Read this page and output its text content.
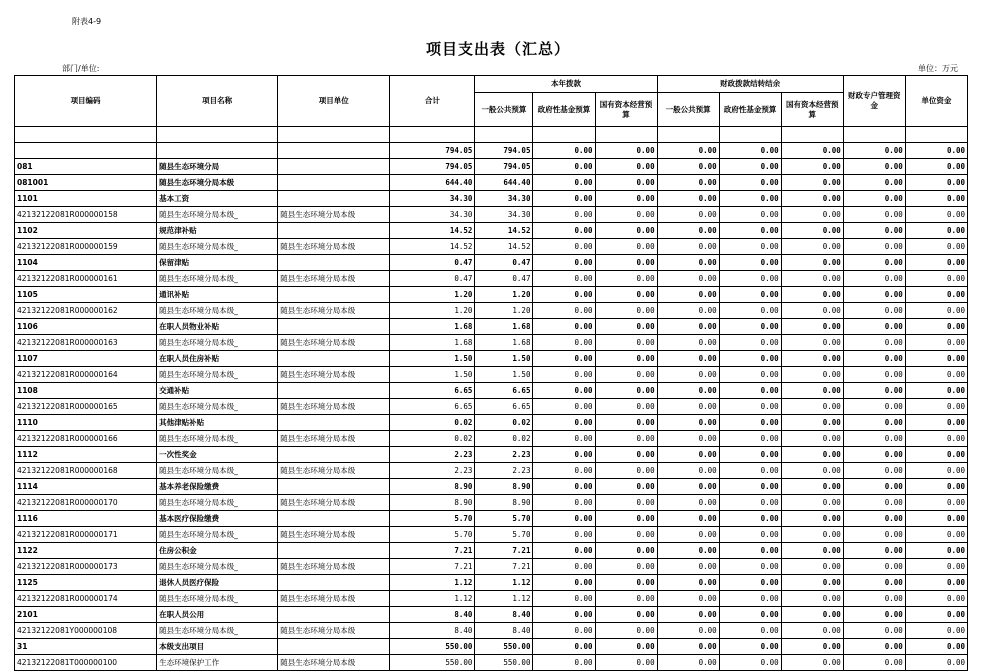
附表4-9
项目支出表（汇总）
部门/单位:	单位：万元
项目编码	项目名称	项目单位	合计	本年拨款			财政拨款结转结余			财政专户管理资金	单位资金
				一般公共预算	政府性基金预算	国有资本经营预算	一般公共预算	政府性基金预算	国有资本经营预算		

			794.05	794.05	0.00	0.00	0.00	0.00	0.00	0.00	0.00
081	随县生态环境分局		794.05	794.05	0.00	0.00	0.00	0.00	0.00	0.00	0.00
081001	随县生态环境分局本级		644.40	644.40	0.00	0.00	0.00	0.00	0.00	0.00	0.00
1101	基本工资		34.30	34.30	0.00	0.00	0.00	0.00	0.00	0.00	0.00
42132122081R000000158	随县生态环境分局本级_	随县生态环境分局本级	34.30	34.30	0.00	0.00	0.00	0.00	0.00	0.00	0.00
1102	规范津补贴		14.52	14.52	0.00	0.00	0.00	0.00	0.00	0.00	0.00
42132122081R000000159	随县生态环境分局本级_	随县生态环境分局本级	14.52	14.52	0.00	0.00	0.00	0.00	0.00	0.00	0.00
1104	保留津贴		0.47	0.47	0.00	0.00	0.00	0.00	0.00	0.00	0.00
42132122081R000000161	随县生态环境分局本级_	随县生态环境分局本级	0.47	0.47	0.00	0.00	0.00	0.00	0.00	0.00	0.00
1105	通讯补贴		1.20	1.20	0.00	0.00	0.00	0.00	0.00	0.00	0.00
42132122081R000000162	随县生态环境分局本级_	随县生态环境分局本级	1.20	1.20	0.00	0.00	0.00	0.00	0.00	0.00	0.00
1106	在职人员物业补贴		1.68	1.68	0.00	0.00	0.00	0.00	0.00	0.00	0.00
42132122081R000000163	随县生态环境分局本级_	随县生态环境分局本级	1.68	1.68	0.00	0.00	0.00	0.00	0.00	0.00	0.00
1107	在职人员住房补贴		1.50	1.50	0.00	0.00	0.00	0.00	0.00	0.00	0.00
42132122081R000000164	随县生态环境分局本级_	随县生态环境分局本级	1.50	1.50	0.00	0.00	0.00	0.00	0.00	0.00	0.00
1108	交通补贴		6.65	6.65	0.00	0.00	0.00	0.00	0.00	0.00	0.00
42132122081R000000165	随县生态环境分局本级_	随县生态环境分局本级	6.65	6.65	0.00	0.00	0.00	0.00	0.00	0.00	0.00
1110	其他津贴补贴		0.02	0.02	0.00	0.00	0.00	0.00	0.00	0.00	0.00
42132122081R000000166	随县生态环境分局本级_	随县生态环境分局本级	0.02	0.02	0.00	0.00	0.00	0.00	0.00	0.00	0.00
1112	一次性奖金		2.23	2.23	0.00	0.00	0.00	0.00	0.00	0.00	0.00
42132122081R000000168	随县生态环境分局本级_	随县生态环境分局本级	2.23	2.23	0.00	0.00	0.00	0.00	0.00	0.00	0.00
1114	基本养老保险缴费		8.90	8.90	0.00	0.00	0.00	0.00	0.00	0.00	0.00
42132122081R000000170	随县生态环境分局本级_	随县生态环境分局本级	8.90	8.90	0.00	0.00	0.00	0.00	0.00	0.00	0.00
1116	基本医疗保险缴费		5.70	5.70	0.00	0.00	0.00	0.00	0.00	0.00	0.00
42132122081R000000171	随县生态环境分局本级_	随县生态环境分局本级	5.70	5.70	0.00	0.00	0.00	0.00	0.00	0.00	0.00
1122	住房公积金		7.21	7.21	0.00	0.00	0.00	0.00	0.00	0.00	0.00
42132122081R000000173	随县生态环境分局本级_	随县生态环境分局本级	7.21	7.21	0.00	0.00	0.00	0.00	0.00	0.00	0.00
1125	退休人员医疗保险		1.12	1.12	0.00	0.00	0.00	0.00	0.00	0.00	0.00
42132122081R000000174	随县生态环境分局本级_	随县生态环境分局本级	1.12	1.12	0.00	0.00	0.00	0.00	0.00	0.00	0.00
2101	在职人员公用		8.40	8.40	0.00	0.00	0.00	0.00	0.00	0.00	0.00
42132122081Y000000108	随县生态环境分局本级_	随县生态环境分局本级	8.40	8.40	0.00	0.00	0.00	0.00	0.00	0.00	0.00
31	本级支出项目		550.00	550.00	0.00	0.00	0.00	0.00	0.00	0.00	0.00
42132122081T000000100	生态环境保护工作	随县生态环境分局本级	550.00	550.00	0.00	0.00	0.00	0.00	0.00	0.00	0.00
